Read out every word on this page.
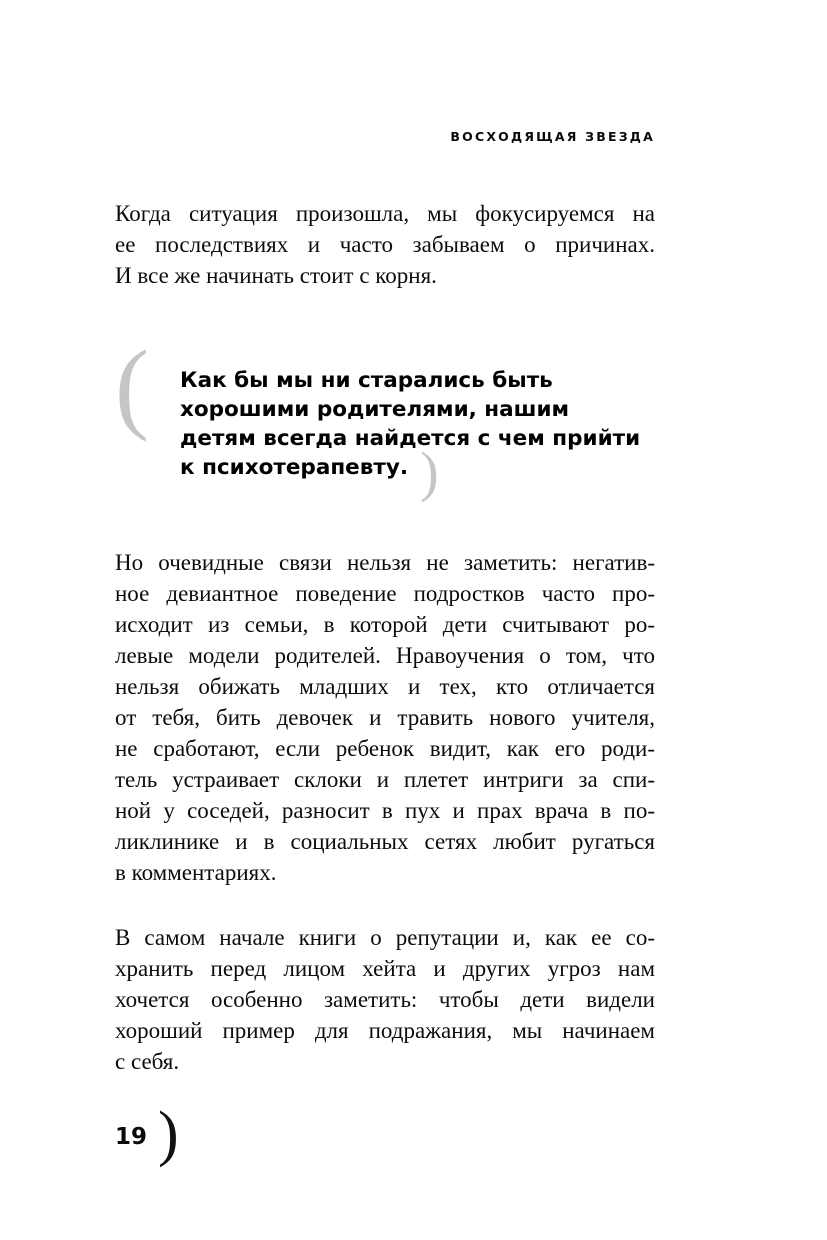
ВОСХОДЯЩАЯ ЗВЕЗДА
Когда ситуация произошла, мы фокусируемся на
ее последствиях и часто забываем о причинах.
И все же начинать стоит с корня.
( Как бы мы ни старались быть
хорошими родителями, нашим
детям всегда найдется с чем прийти
к психотерапевту. )
Но очевидные связи нельзя не заметить: негатив-
ное девиантное поведение подростков часто про-
исходит из семьи, в которой дети считывают ро-
левые модели родителей. Нравоучения о том, что
нельзя обижать младших и тех, кто отличается
от тебя, бить девочек и травить нового учителя,
не сработают, если ребенок видит, как его роди-
тель устраивает склоки и плетет интриги за спи-
ной у соседей, разносит в пух и прах врача в по-
ликлинике и в социальных сетях любит ругаться
в комментариях.
В самом начале книги о репутации и, как ее со-
хранить перед лицом хейта и других угроз нам
хочется особенно заметить: чтобы дети видели
хороший пример для подражания, мы начинаем
с себя.
19 )
